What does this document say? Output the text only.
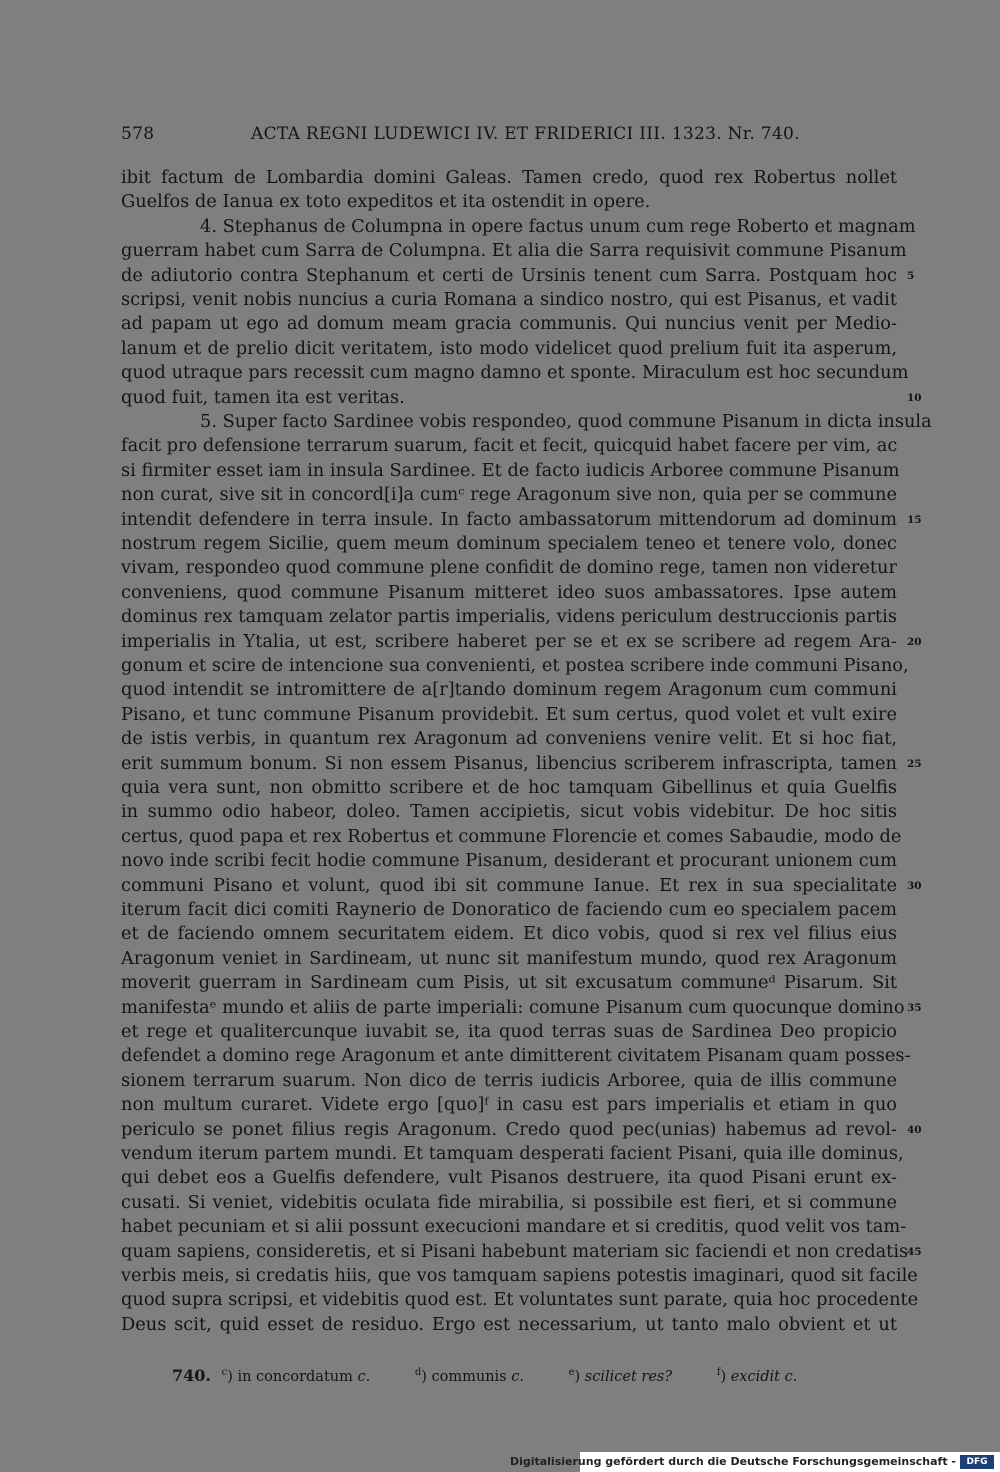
578	ACTA REGNI LUDEWICI IV. ET FRIDERICI III. 1323. Nr. 740.
ibit factum de Lombardia domini Galeas. Tamen credo, quod rex Robertus nollet
Guelfos de Ianua ex toto expeditos et ita ostendit in opere.
4. Stephanus de Columpna in opere factus unum cum rege Roberto et magnam
guerram habet cum Sarra de Columpna. Et alia die Sarra requisivit commune Pisanum
de adiutorio contra Stephanum et certi de Ursinis tenent cum Sarra. Postquam hoc 5
scripsi, venit nobis nuncius a curia Romana a sindico nostro, qui est Pisanus, et vadit
ad papam ut ego ad domum meam gracia communis. Qui nuncius venit per Medio-
lanum et de prelio dicit veritatem, isto modo videlicet quod prelium fuit ita asperum,
quod utraque pars recessit cum magno damno et sponte. Miraculum est hoc secundum
quod fuit, tamen ita est veritas.	10
5. Super facto Sardinee vobis respondeo, quod commune Pisanum in dicta insula
facit pro defensione terrarum suarum, facit et fecit, quicquid habet facere per vim, ac
si firmiter esset iam in insula Sardinee. Et de facto iudicis Arboree commune Pisanum
non curat, sive sit in concord[i]a cumᶜ rege Aragonum sive non, quia per se commune
intendit defendere in terra insule. In facto ambassatorum mittendorum ad dominum 15
nostrum regem Sicilie, quem meum dominum specialem teneo et tenere volo, donec
vivam, respondeo quod commune plene confidit de domino rege, tamen non videretur
conveniens, quod commune Pisanum mitteret ideo suos ambassatores. Ipse autem
dominus rex tamquam zelator partis imperialis, videns periculum destruccionis partis
imperialis in Ytalia, ut est, scribere haberet per se et ex se scribere ad regem Ara- 20
gonum et scire de intencione sua convenienti, et postea scribere inde communi Pisano,
quod intendit se intromittere de a[r]tando dominum regem Aragonum cum communi
Pisano, et tunc commune Pisanum providebit. Et sum certus, quod volet et vult exire
de istis verbis, in quantum rex Aragonum ad conveniens venire velit. Et si hoc fiat,
erit summum bonum. Si non essem Pisanus, libencius scriberem infrascripta, tamen 25
quia vera sunt, non obmitto scribere et de hoc tamquam Gibellinus et quia Guelfis
in summo odio habeor, doleo. Tamen accipietis, sicut vobis videbitur. De hoc sitis
certus, quod papa et rex Robertus et commune Florencie et comes Sabaudie, modo de
novo inde scribi fecit hodie commune Pisanum, desiderant et procurant unionem cum
communi Pisano et volunt, quod ibi sit commune Ianue. Et rex in sua specialitate 30
iterum facit dici comiti Raynerio de Donoratico de faciendo cum eo specialem pacem
et de faciendo omnem securitatem eidem. Et dico vobis, quod si rex vel filius eius
Aragonum veniet in Sardineam, ut nunc sit manifestum mundo, quod rex Aragonum
moverit guerram in Sardineam cum Pisis, ut sit excusatum communeᵈ Pisarum. Sit
manifestaᵉ mundo et aliis de parte imperiali: comune Pisanum cum quocunque domino 35
et rege et qualitercunque iuvabit se, ita quod terras suas de Sardinea Deo propicio
defendet a domino rege Aragonum et ante dimitterent civitatem Pisanam quam posses-
sionem terrarum suarum. Non dico de terris iudicis Arboree, quia de illis commune
non multum curaret. Videte ergo [quo]ᶠ in casu est pars imperialis et etiam in quo
periculo se ponet filius regis Aragonum. Credo quod pec(unias) habemus ad revol- 40
vendum iterum partem mundi. Et tamquam desperati facient Pisani, quia ille dominus,
qui debet eos a Guelfis defendere, vult Pisanos destruere, ita quod Pisani erunt ex-
cusati. Si veniet, videbitis oculata fide mirabilia, si possibile est fieri, et si commune
habet pecuniam et si alii possunt execucioni mandare et si creditis, quod velit vos tam-
quam sapiens, consideretis, et si Pisani habebunt materiam sic faciendi et non credatis
45
verbis meis, si credatis hiis, que vos tamquam sapiens potestis imaginari, quod sit facile
quod supra scripsi, et videbitis quod est. Et voluntates sunt parate, quia hoc procedente
Deus scit, quid esset de residuo. Ergo est necessarium, ut tanto malo obvient et ut
740. $^c$) in concordatum c.	$^d$) communis c.	$^e$) scilicet res?	$^f$) excidit c.
Digitalisierung gefördert durch die Deutsche Forschungsgemeinschaft -	DFG
